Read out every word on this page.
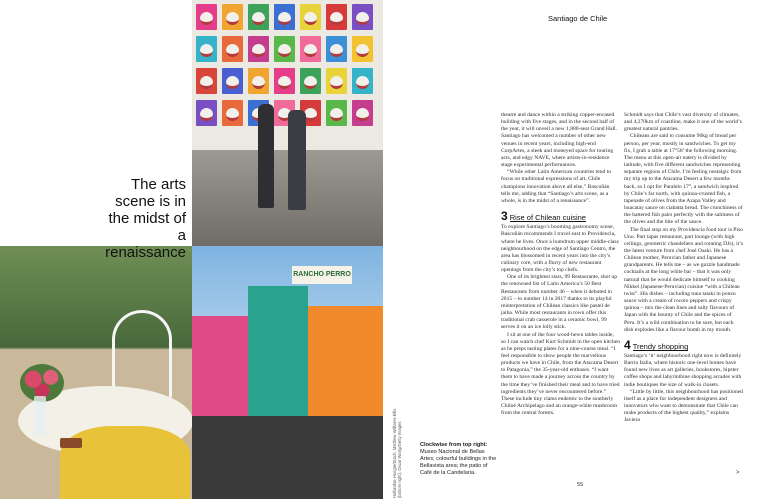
RANCHO PERRO
The arts scene is in the midst of a renaissance
Clockwise from top right:
Museo Nacional de Bellas Artes; colourful buildings in the Bellavista area; the patio of Café de la Candelaria.
Hollandse Hoogte/Dutch; Matthew Williams-Ellis (bottom right); Oscar Wong/Getty Images
Santiago de Chile

theatre and dance within a striking copper-encased building with five stages, and in the second half of the year, it will unveil a new 1,880-seat Grand Hall. Santiago has welcomed a number of other new venues in recent years, including high-end CorpArtes, a sleek and moneyed space for touring acts, and edgy NAVE, where artists-in-residence stage experimental performances.

“While other Latin American countries tend to focus on traditional expressions of art, Chile champions innovation above all else,” Bascuñán tells me, adding that “Santiago’s arts scene, as a whole, is in the midst of a renaissance”.

3 Rise of Chilean cuisine

To explore Santiago’s booming gastronomy scene, Bascuñán recommends I travel east to Providencia, where he lives. Once a humdrum upper middle-class neighbourhood on the edge of Santiago Centro, the area has blossomed in recent years into the city’s culinary core, with a flurry of new restaurant openings from the city’s top chefs.

One of its brightest stars, 99 Restaurante, shot up the renowned list of Latin America’s 50 Best Restaurants from number 46 – when it debuted in 2015 – to number 14 in 2017 thanks to its playful reinterpretation of Chilean classics like pastel de jaiba. While most restaurants in town offer this traditional crab casserole in a ceramic bowl, 99 serves it on an ice lolly stick.

I sit at one of the four wood-hewn tables inside, so I can watch chef Kurt Schmidt in the open kitchen as he preps tasting plates for a nine-course meal. “I feel responsible to show people the marvellous products we have in Chile, from the Atacama Desert to Patagonia,” the 35-year-old enthuses. “I want them to have made a journey across the country by the time they’ve finished their meal and to have tried ingredients they’ve never encountered before.” These include tiny clams endemic to the southerly Chiloé Archipelago and an orange-white mushroom from the central forests.

Schmidt says that Chile’s vast diversity of climates, and 4,270km of coastline, make it one of the world’s greatest natural pantries.

Chileans are said to consume 90kg of bread per person, per year, mostly in sandwiches. To get my fix, I grab a table at 17°58’ the following morning. The menu at this open-air eatery is divided by latitude, with five different sandwiches representing separate regions of Chile. I’m feeling nostalgic from my trip up to the Atacama Desert a few months back, so I opt for Paralelo 17°, a sandwich inspired by Chile’s far north, with quinoa-crusted fish, a tapenade of olives from the Azapa Valley and huacatay sauce on ciabatta bread. The crunchiness of the battered fish pairs perfectly with the saltiness of the olives and the bite of the sauce.

The final stop on my Providencia food tour is Piso Uno. Part tapas restaurant, part lounge (with high ceilings, geometric chandeliers and rotating DJs), it’s the latest venture from chef José Osaki. He has a Chilean mother, Peruvian father and Japanese grandparents. He tells me – as we guzzle handmade cocktails at the long white bar – that it was only natural that he would dedicate himself to cooking Nikkei (Japanese-Peruvian) cuisine “with a Chilean twist”. His dishes – including tuna tataki in ponzu sauce with a cream of rocoto peppers and crispy quinoa – mix the clean lines and salty flavours of Japan with the bounty of Chile and the spices of Peru. It’s a wild combination to be sure, but each dish explodes like a flavour bomb in my mouth.

4 Trendy shopping

Santiago’s ‘it’ neighbourhood right now is definitely Barrio Italia, where historic one-level homes have found new lives as art galleries, bookstores, hipster coffee shops and labyrinthine shopping arcades with indie boutiques the size of walk-in closets.

“Little by little, this neighbourhood has positioned itself as a place for independent designers and innovators who want to demonstrate that Chile can make products of the highest quality,” explains Javiera

55
>
